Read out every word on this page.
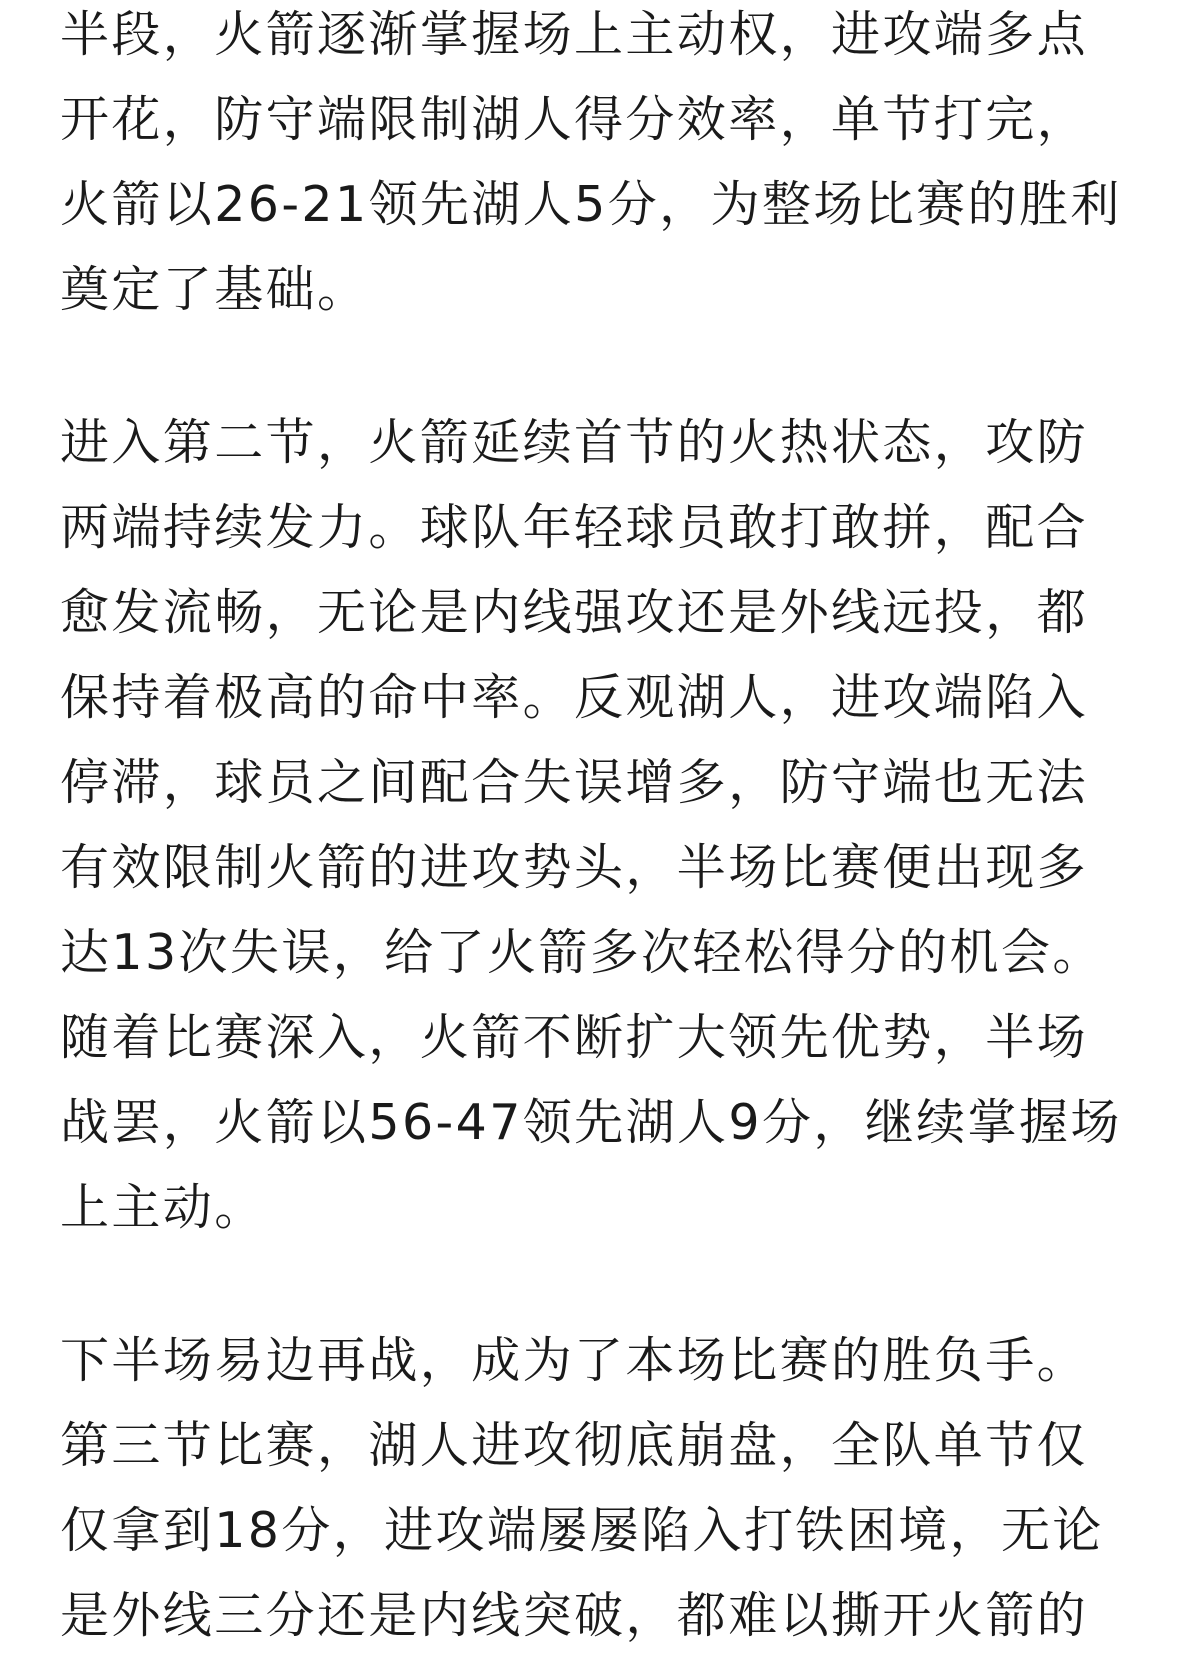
半段，火箭逐渐掌握场上主动权，进攻端多点
开花，防守端限制湖人得分效率，单节打完，
火箭以26-21领先湖人5分，为整场比赛的胜利
奠定了基础。
进入第二节，火箭延续首节的火热状态，攻防
两端持续发力。球队年轻球员敢打敢拼，配合
愈发流畅，无论是内线强攻还是外线远投，都
保持着极高的命中率。反观湖人，进攻端陷入
停滞，球员之间配合失误增多，防守端也无法
有效限制火箭的进攻势头，半场比赛便出现多
达13次失误，给了火箭多次轻松得分的机会。
随着比赛深入，火箭不断扩大领先优势，半场
战罢，火箭以56-47领先湖人9分，继续掌握场
上主动。
下半场易边再战，成为了本场比赛的胜负手。
第三节比赛，湖人进攻彻底崩盘，全队单节仅
仅拿到18分，进攻端屡屡陷入打铁困境，无论
是外线三分还是内线突破，都难以撕开火箭的
